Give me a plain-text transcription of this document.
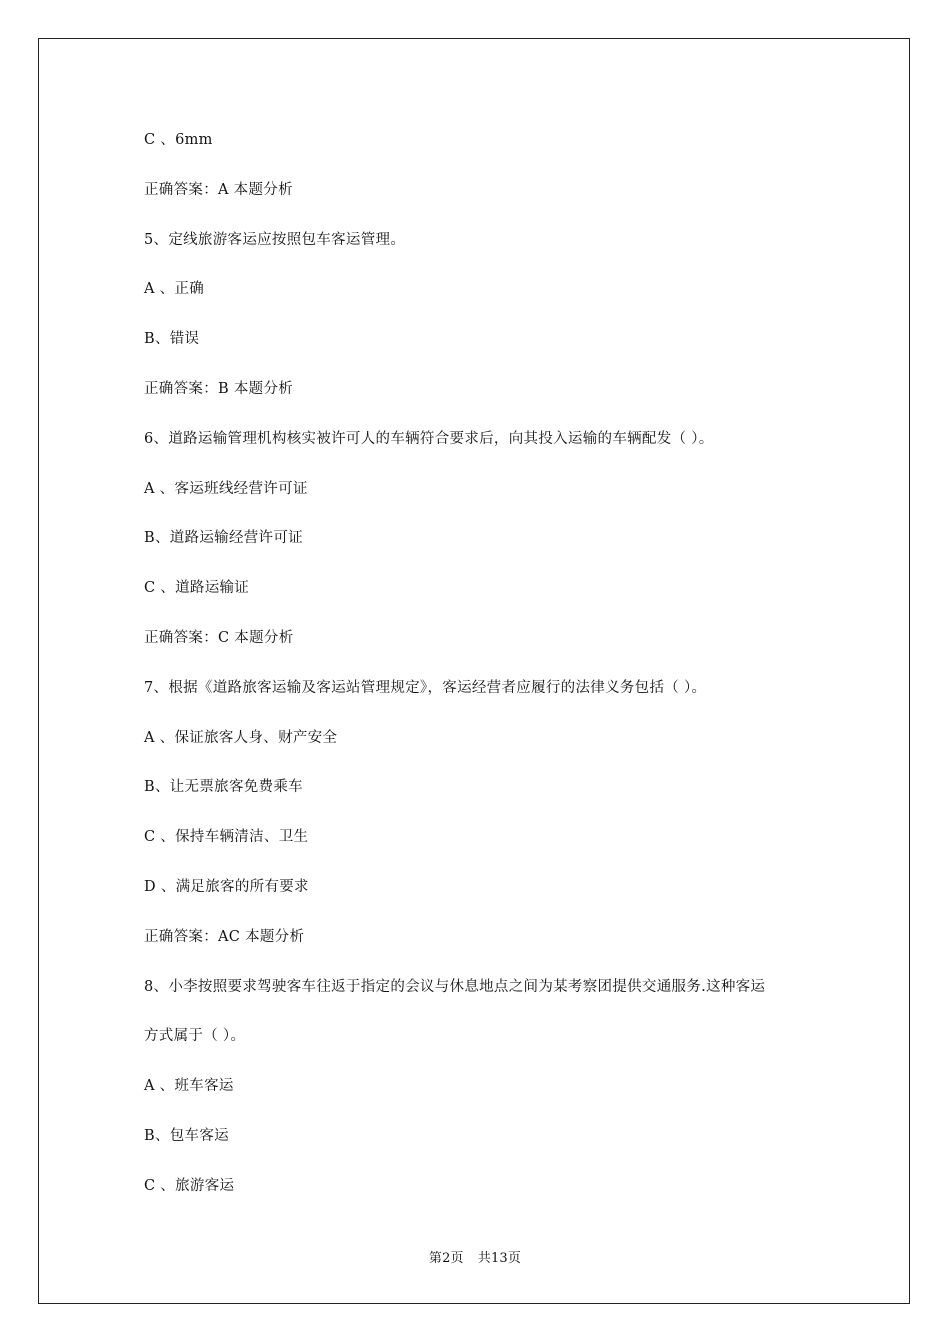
C 、6mm
正确答案：A 本题分析
5、定线旅游客运应按照包车客运管理。
A 、正确
B、错误
正确答案：B 本题分析
6、道路运输管理机构核实被许可人的车辆符合要求后，向其投入运输的车辆配发（ ）。
A 、客运班线经营许可证
B、道路运输经营许可证
C 、道路运输证
正确答案：C 本题分析
7、根据《道路旅客运输及客运站管理规定》，客运经营者应履行的法律义务包括（ ）。
A 、保证旅客人身、财产安全
B、让无票旅客免费乘车
C 、保持车辆清洁、卫生
D 、满足旅客的所有要求
正确答案：AC 本题分析
8、小李按照要求驾驶客车往返于指定的会议与休息地点之间为某考察团提供交通服务.这种客运
方式属于（ ）。
A 、班车客运
B、包车客运
C 、旅游客运
第2页 共13页
